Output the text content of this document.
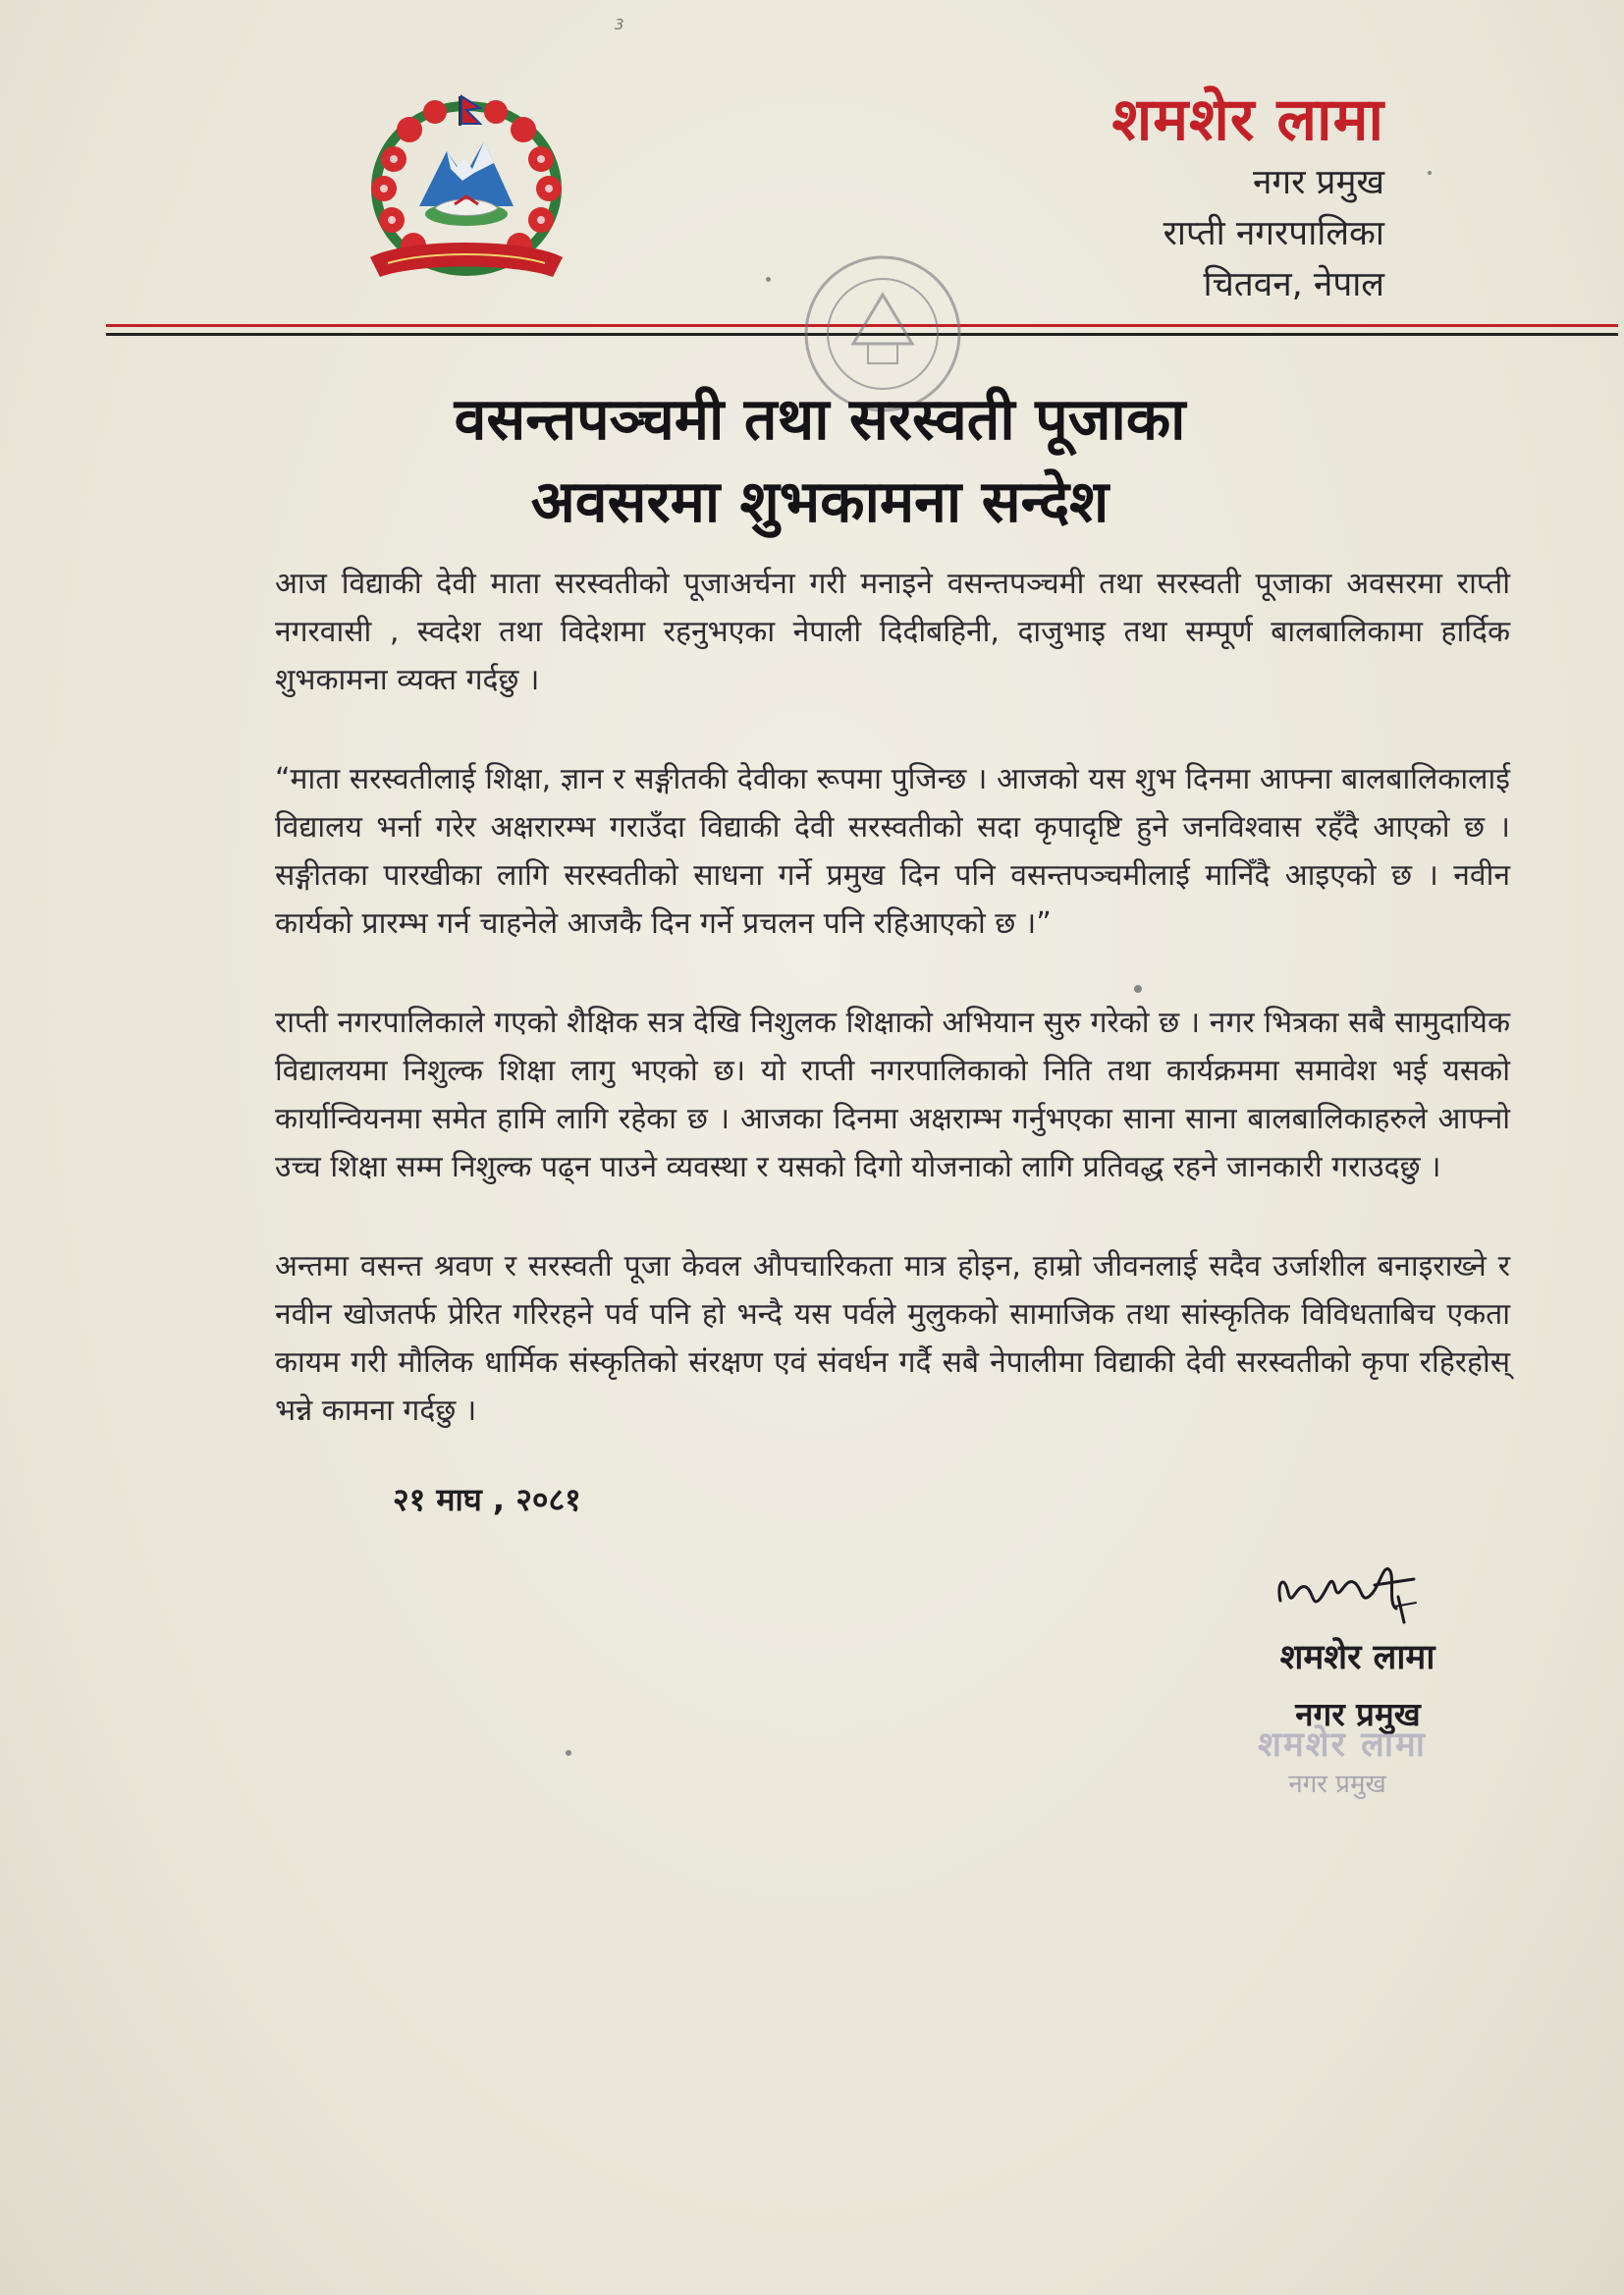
3
शमशेर लामा
नगर प्रमुख
राप्ती नगरपालिका
चितवन, नेपाल
वसन्तपञ्चमी तथा सरस्वती पूजाका
अवसरमा शुभकामना सन्देश

आज विद्याकी देवी माता सरस्वतीको पूजाअर्चना गरी मनाइने वसन्तपञ्चमी तथा सरस्वती पूजाका अवसरमा राप्ती नगरवासी , स्वदेश तथा विदेशमा रहनुभएका नेपाली दिदीबहिनी, दाजुभाइ तथा सम्पूर्ण बालबालिकामा हार्दिक शुभकामना व्यक्त गर्दछु ।

“माता सरस्वतीलाई शिक्षा, ज्ञान र सङ्गीतकी देवीका रूपमा पुजिन्छ । आजको यस शुभ दिनमा आफ्ना बालबालिकालाई विद्यालय भर्ना गरेर अक्षरारम्भ गराउँदा विद्याकी देवी सरस्वतीको सदा कृपादृष्टि हुने जनविश्वास रहँदै आएको छ । सङ्गीतका पारखीका लागि सरस्वतीको साधना गर्ने प्रमुख दिन पनि वसन्तपञ्चमीलाई मानिँदै आइएको छ । नवीन कार्यको प्रारम्भ गर्न चाहनेले आजकै दिन गर्ने प्रचलन पनि रहिआएको छ ।”

राप्ती नगरपालिकाले गएको शैक्षिक सत्र देखि निशुलक शिक्षाको अभियान सुरु गरेको छ । नगर भित्रका सबै सामुदायिक विद्यालयमा निशुल्क शिक्षा लागु भएको छ। यो राप्ती नगरपालिकाको निति तथा कार्यक्रममा समावेश भई यसको कार्यान्वियनमा समेत हामि लागि रहेका छ । आजका दिनमा अक्षराम्भ गर्नुभएका साना साना बालबालिकाहरुले आफ्नो उच्च शिक्षा सम्म निशुल्क पढ्न पाउने व्यवस्था र यसको दिगो योजनाको लागि प्रतिवद्ध रहने जानकारी गराउदछु ।

अन्तमा वसन्त श्रवण र सरस्वती पूजा केवल औपचारिकता मात्र होइन, हाम्रो जीवनलाई सदैव उर्जाशील बनाइराख्ने र नवीन खोजतर्फ प्रेरित गरिरहने पर्व पनि हो भन्दै यस पर्वले मुलुकको सामाजिक तथा सांस्कृतिक विविधताबिच एकता कायम गरी मौलिक धार्मिक संस्कृतिको संरक्षण एवं संवर्धन गर्दै सबै नेपालीमा विद्याकी देवी सरस्वतीको कृपा रहिरहोस् भन्ने कामना गर्दछु ।

२१ माघ , २०८१
शमशेर लामा
नगर प्रमुख
शमशेर लामा
नगर प्रमुख
